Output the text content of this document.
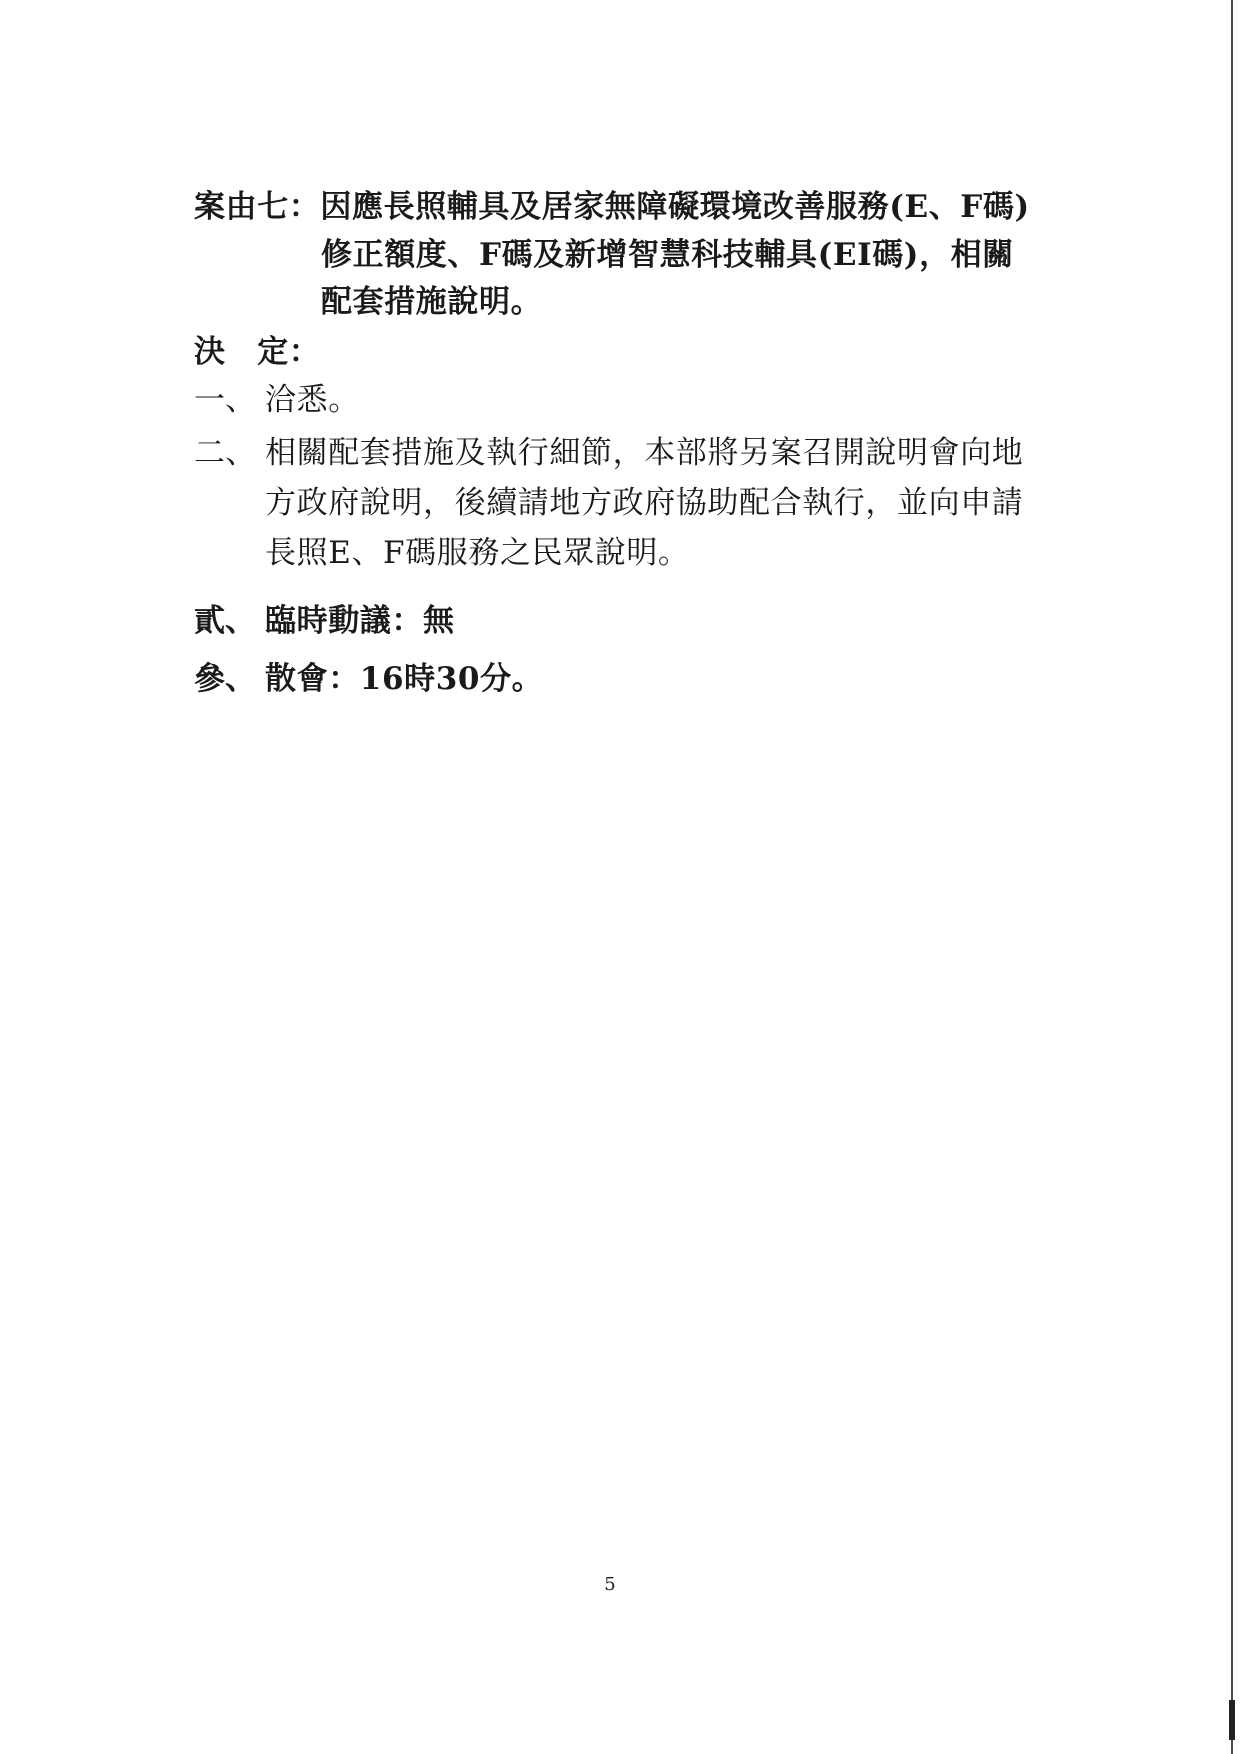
案由七：因應長照輔具及居家無障礙環境改善服務(E、F碼)
修正額度、F碼及新增智慧科技輔具(EI碼)，相關
配套措施說明。
決　定：
一、 洽悉。
二、 相關配套措施及執行細節，本部將另案召開說明會向地
方政府說明，後續請地方政府協助配合執行，並向申請
長照E、F碼服務之民眾說明。
貳、 臨時動議：無
參、 散會：16時30分。
5
